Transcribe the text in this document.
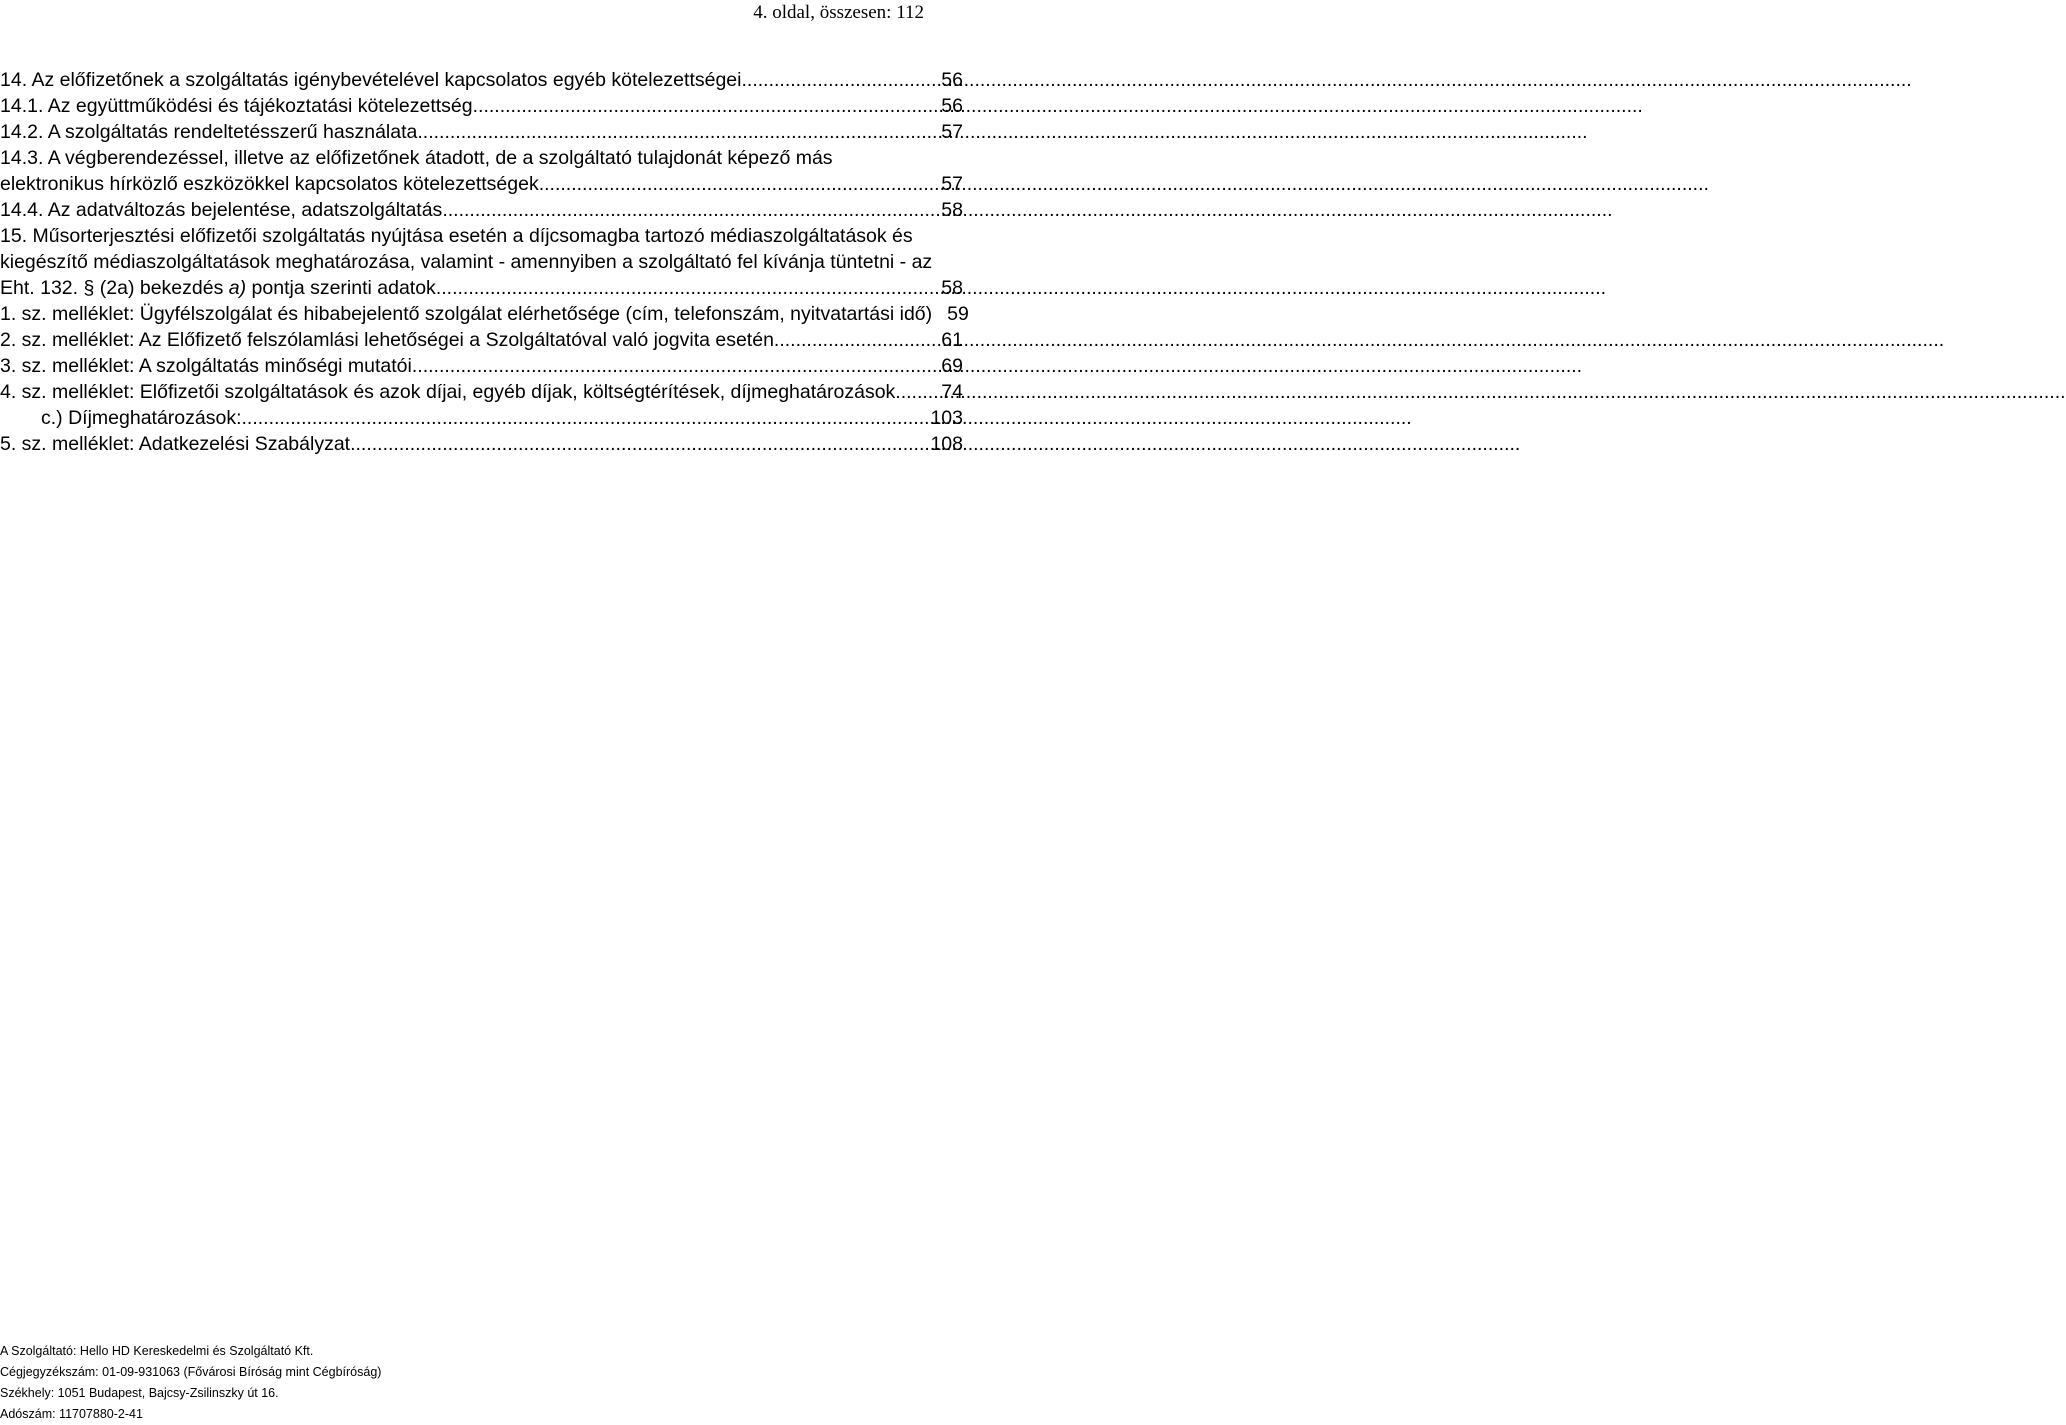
4. oldal, összesen: 112
14. Az előfizetőnek a szolgáltatás igénybevételével kapcsolatos egyéb kötelezettségei .....	56
14.1. Az együttműködési és tájékoztatási kötelezettség .....	56
14.2. A szolgáltatás rendeltetésszerű használata .....	57
14.3. A végberendezéssel, illetve az előfizetőnek átadott, de a szolgáltató tulajdonát képező más
elektronikus hírközlő eszközökkel kapcsolatos kötelezettségek .....	57
14.4. Az adatváltozás bejelentése, adatszolgáltatás .....	58
15. Műsorterjesztési előfizetői szolgáltatás nyújtása esetén a díjcsomagba tartozó médiaszolgáltatások és
kiegészítő médiaszolgáltatások meghatározása, valamint - amennyiben a szolgáltató fel kívánja tüntetni - az
Eht. 132. § (2a) bekezdés a) pontja szerinti adatok .....	58
1. sz. melléklet: Ügyfélszolgálat és hibabejelentő szolgálat elérhetősége (cím, telefonszám, nyitvatartási idő) 59
2. sz. melléklet: Az Előfizető felszólamlási lehetőségei a Szolgáltatóval való jogvita esetén .....	61
3. sz. melléklet: A szolgáltatás minőségi mutatói .....	69
4. sz. melléklet: Előfizetői szolgáltatások és azok díjai, egyéb díjak, költségtérítések, díjmeghatározások ..... 74
c.) Díjmeghatározások: .....	103
5. sz. melléklet: Adatkezelési Szabályzat .....	108
A Szolgáltató: Hello HD Kereskedelmi és Szolgáltató Kft.
Cégjegyzékszám: 01-09-931063 (Fővárosi Bíróság mint Cégbíróság)
Székhely: 1051 Budapest, Bajcsy-Zsilinszky út 16.
Adószám: 11707880-2-41
